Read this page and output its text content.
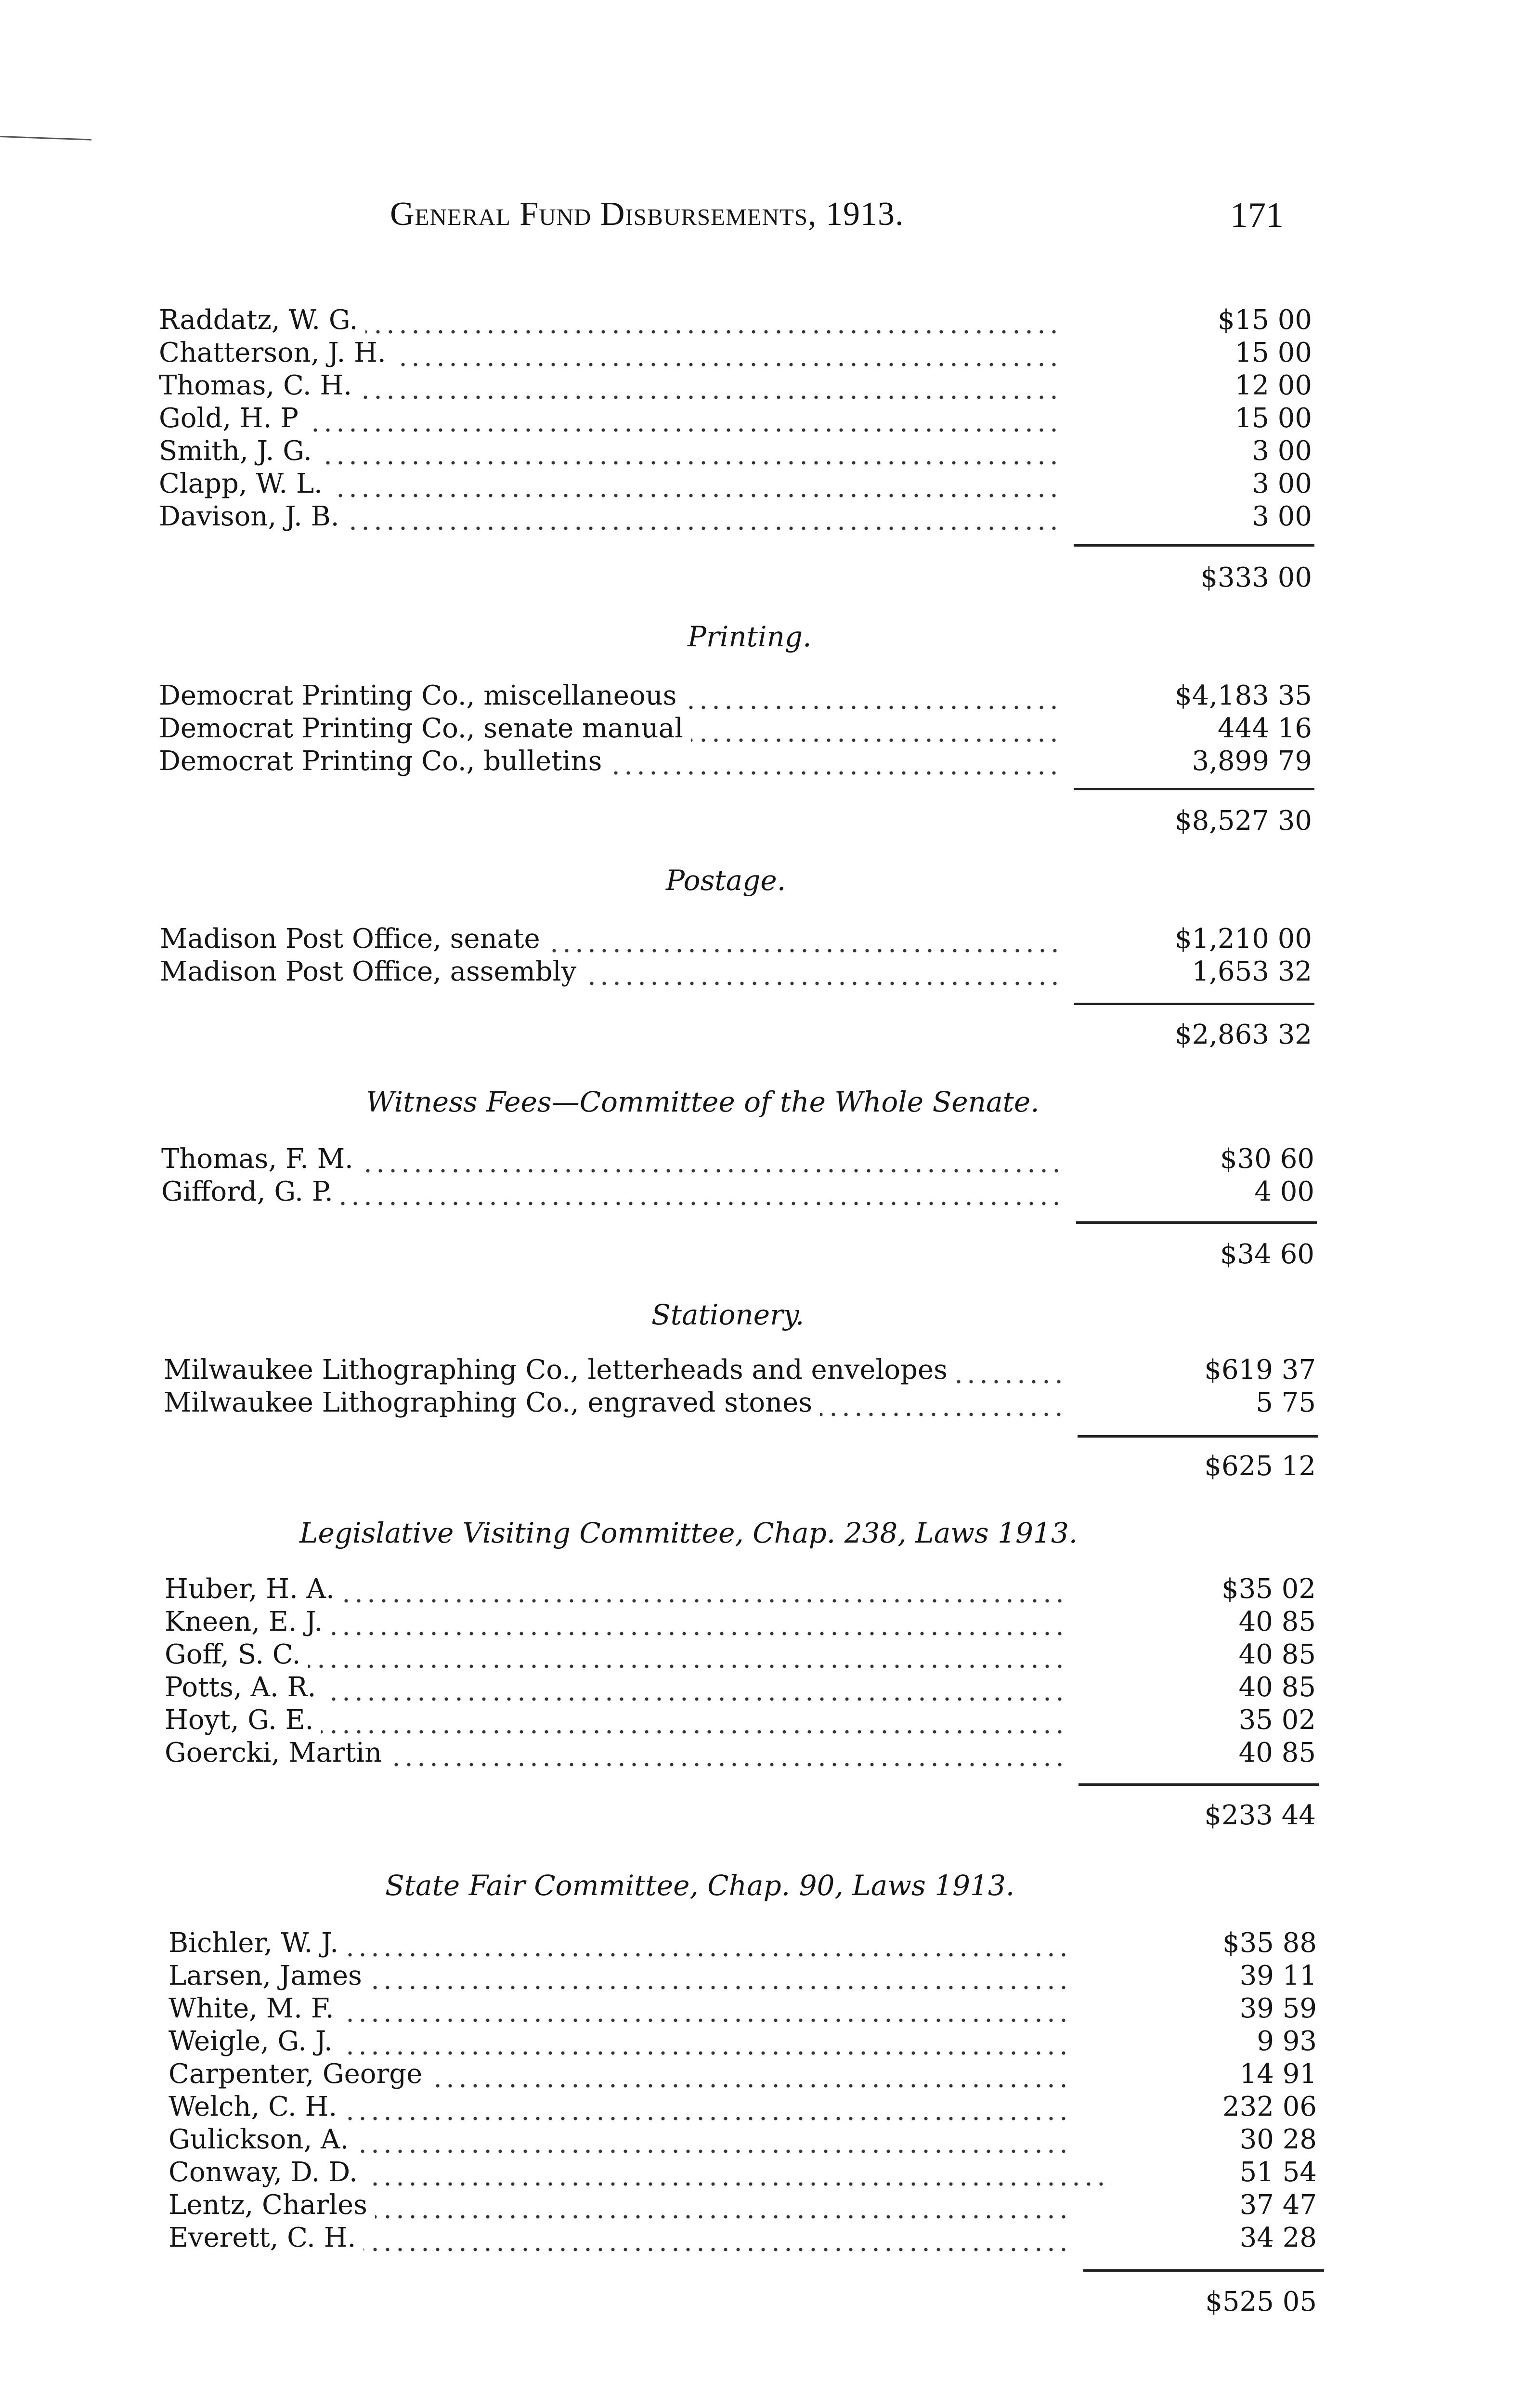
General Fund Disbursements, 1913.	171
Raddatz, W. G.	$15 00
Chatterson, J. H.	15 00
Thomas, C. H.	12 00
Gold, H. P	15 00
Smith, J. G.	3 00
Clapp, W. L.	3 00
Davison, J. B.	3 00
$333 00
Printing.
Democrat Printing Co., miscellaneous	$4,183 35
Democrat Printing Co., senate manual	444 16
Democrat Printing Co., bulletins	3,899 79
$8,527 30
Postage.
Madison Post Office, senate	$1,210 00
Madison Post Office, assembly	1,653 32
$2,863 32
Witness Fees—Committee of the Whole Senate.
Thomas, F. M.	$30 60
Gifford, G. P.	4 00
$34 60
Stationery.
Milwaukee Lithographing Co., letterheads and envelopes	$619 37
Milwaukee Lithographing Co., engraved stones	5 75
$625 12
Legislative Visiting Committee, Chap. 238, Laws 1913.
Huber, H. A.	$35 02
Kneen, E. J.	40 85
Goff, S. C.	40 85
Potts, A. R.	40 85
Hoyt, G. E.	35 02
Goercki, Martin	40 85
$233 44
State Fair Committee, Chap. 90, Laws 1913.
Bichler, W. J.	$35 88
Larsen, James	39 11
White, M. F.	39 59
Weigle, G. J.	9 93
Carpenter, George	14 91
Welch, C. H.	232 06
Gulickson, A.	30 28
Conway, D. D.	51 54
Lentz, Charles	37 47
Everett, C. H.	34 28
$525 05
